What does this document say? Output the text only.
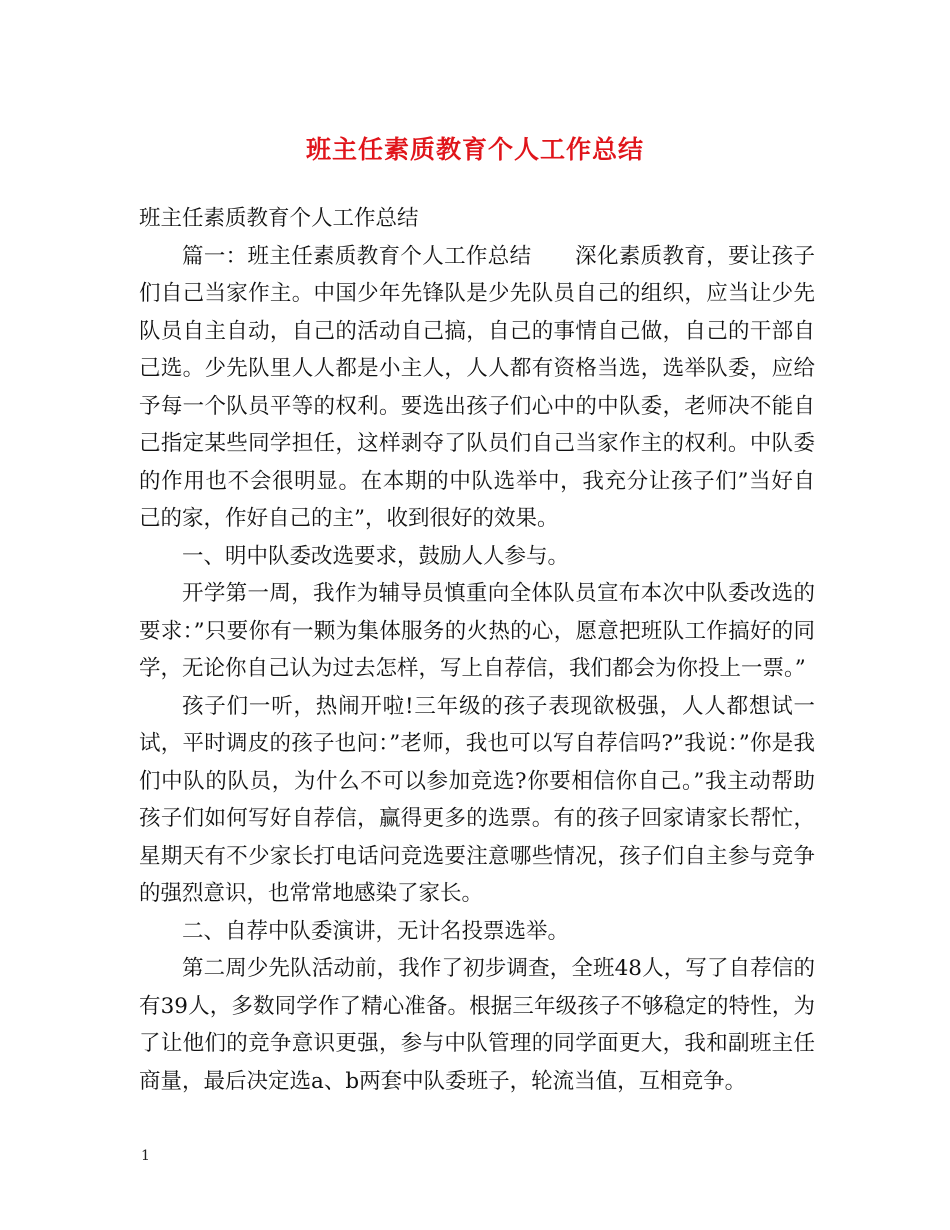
班主任素质教育个人工作总结

班主任素质教育个人工作总结

篇一：班主任素质教育个人工作总结　　深化素质教育，要让孩子们自己当家作主。中国少年先锋队是少先队员自己的组织，应当让少先队员自主自动，自己的活动自己搞，自己的事情自己做，自己的干部自己选。少先队里人人都是小主人，人人都有资格当选，选举队委，应给予每一个队员平等的权利。要选出孩子们心中的中队委，老师决不能自己指定某些同学担任，这样剥夺了队员们自己当家作主的权利。中队委的作用也不会很明显。在本期的中队选举中，我充分让孩子们”当好自己的家，作好自己的主”，收到很好的效果。

一、明中队委改选要求，鼓励人人参与。

开学第一周，我作为辅导员慎重向全体队员宣布本次中队委改选的要求：”只要你有一颗为集体服务的火热的心，愿意把班队工作搞好的同学，无论你自己认为过去怎样，写上自荐信，我们都会为你投上一票。”

孩子们一听，热闹开啦!三年级的孩子表现欲极强，人人都想试一试，平时调皮的孩子也问：”老师，我也可以写自荐信吗?”我说：”你是我们中队的队员，为什么不可以参加竞选?你要相信你自己。”我主动帮助孩子们如何写好自荐信，赢得更多的选票。有的孩子回家请家长帮忙，星期天有不少家长打电话问竞选要注意哪些情况，孩子们自主参与竞争的强烈意识，也常常地感染了家长。

二、自荐中队委演讲，无计名投票选举。

第二周少先队活动前，我作了初步调查，全班48人，写了自荐信的有39人，多数同学作了精心准备。根据三年级孩子不够稳定的特性，为了让他们的竞争意识更强，参与中队管理的同学面更大，我和副班主任商量，最后决定选a、b两套中队委班子，轮流当值，互相竞争。

1
